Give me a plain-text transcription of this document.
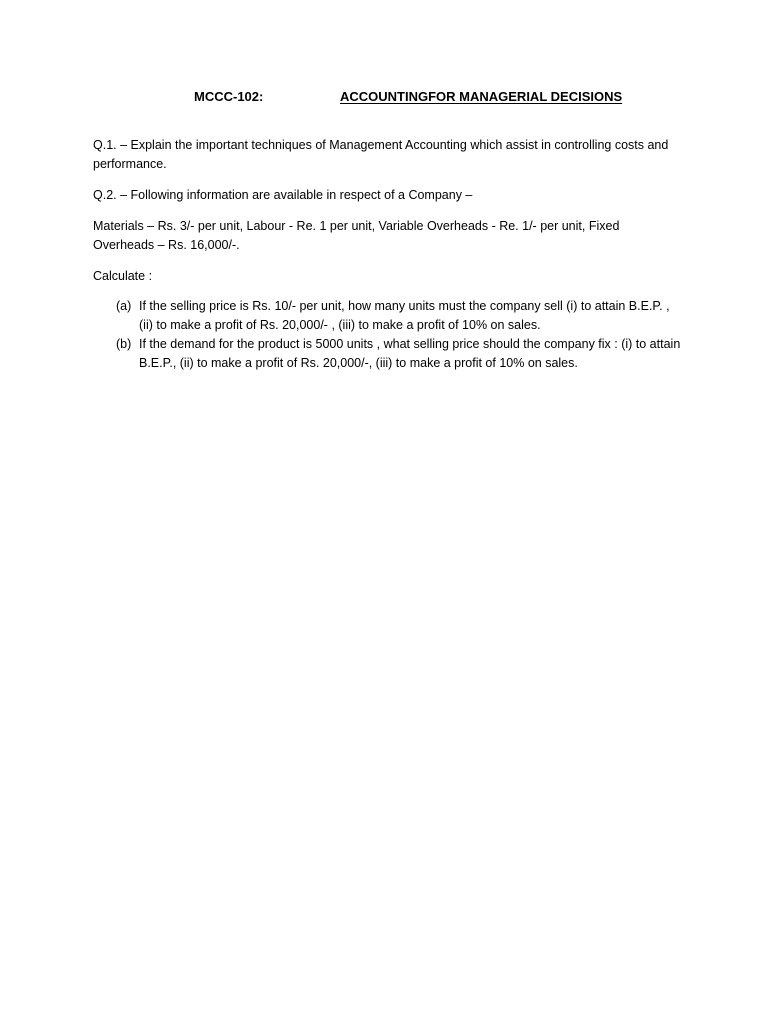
MCCC-102:	ACCOUNTINGFOR MANAGERIAL DECISIONS

Q.1. – Explain the important techniques of Management Accounting which assist in controlling costs and performance.

Q.2. – Following information are available in respect of a Company –

Materials – Rs. 3/- per unit, Labour - Re. 1 per unit, Variable Overheads - Re. 1/- per unit, Fixed Overheads – Rs. 16,000/-.

Calculate :

(a) If the selling price is Rs. 10/- per unit, how many units must the company sell (i) to attain B.E.P. , (ii) to make a profit of Rs. 20,000/- , (iii) to make a profit of 10% on sales.
(b) If the demand for the product is 5000 units , what selling price should the company fix : (i) to attain B.E.P., (ii) to make a profit of Rs. 20,000/-, (iii) to make a profit of 10% on sales.
